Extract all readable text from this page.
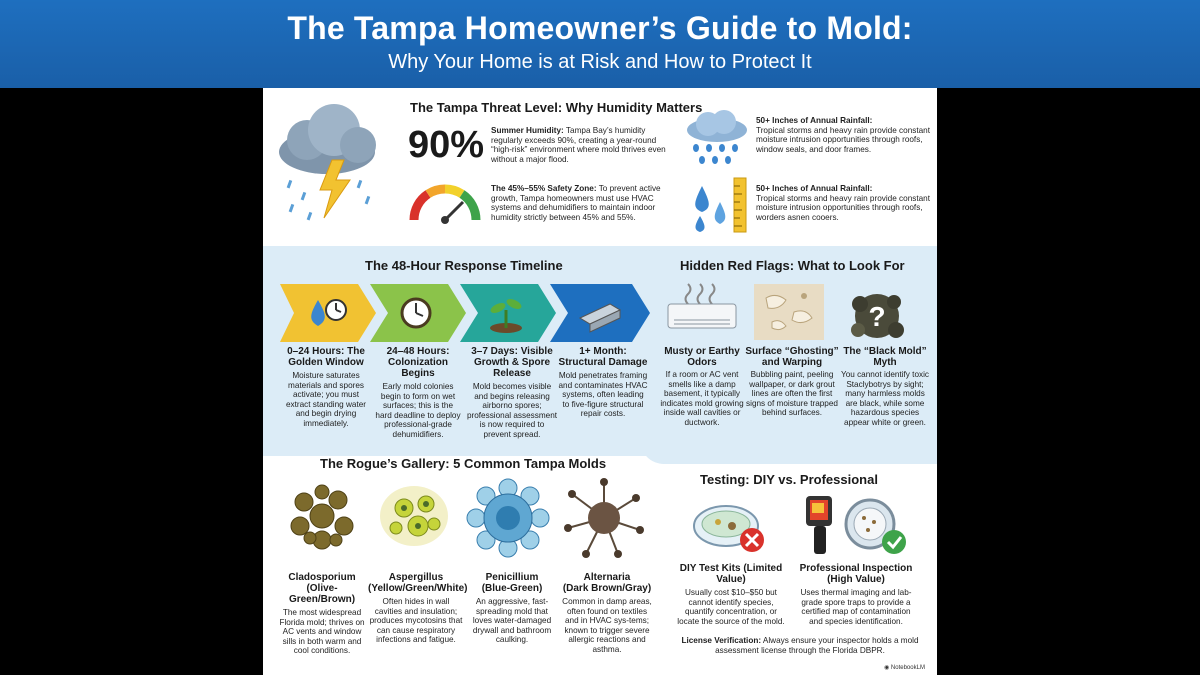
The Tampa Homeowner’s Guide to Mold:
Why Your Home is at Risk and How to Protect It
The Tampa Threat Level: Why Humidity Matters
90% Summer Humidity: Tampa Bay’s humidity regularly exceeds 90%, creating a year-round “high-risk” environment where mold thrives even without a major flood.
The 45%–55% Safety Zone: To prevent active growth, Tampa homeowners must use HVAC systems and dehumidifiers to maintain indoor humidity strictly between 45% and 55%.
50+ Inches of Annual Rainfall:
Tropical storms and heavy rain provide constant moisture intrusion opportunities through roofs, window seals, and door frames.
50+ Inches of Annual Rainfall:
Tropical storms and heavy rain provide constant moisture intrusion opportunities through roofs, worders asnen cooers.
The 48-Hour Response Timeline
0–24 Hours: The Golden Window
Moisture saturates materials and spores activate; you must extract standing water and begin drying immediately.
24–48 Hours: Colonization Begins
Early mold colonies begin to form on wet surfaces; this is the hard deadline to deploy professional-grade dehumidifiers.
3–7 Days: Visible Growth & Spore Release
Mold becomes visible and begins releasing airborno spores; professional assessment is now required to prevent spread.
1+ Month: Structural Damage
Mold penetrates framing and contaminates HVAC systems, often leading to five-figure structural repair costs.
Hidden Red Flags: What to Look For
?
Musty or Earthy Odors
If a room or AC vent smells like a damp basement, it typically indicates mold growing inside wall cavities or ductwork.
Surface “Ghosting” and Warping
Bubbling paint, peeling wallpaper, or dark grout lines are often the first signs of moisture trapped behind surfaces.
The “Black Mold” Myth
You cannot identify toxic Staclybotrys by sight; many harmless molds are black, while some hazardous species appear white or green.
The Rogue’s Gallery: 5 Common Tampa Molds
Cladosporium
(Olive-Green/Brown)
The most widespread Florida mold; thrives on AC vents and window sills in both warm and cool conditions.
Aspergillus
(Yellow/Green/White)
Often hides in wall cavities and insulation; produces mycotosins that can cause respiratory infections and fatigue.
Penicillium
(Blue-Green)
An aggressive, fast-spreading mold that loves water-damaged drywall and bathroom caulking.
Alternaria
(Dark Brown/Gray)
Common in damp areas, often found on textiles and in HVAC sys-tems; known to trigger severe allergic reactions and asthma.
Testing: DIY vs. Professional
DIY Test Kits (Limited Value)
Usually cost $10–$50 but cannot identify species, quantify concentration, or locate the source of the mold.
Professional Inspection (High Value)
Uses thermal imaging and lab-grade spore traps to provide a certified map of contamination and species identification.
License Verification: Always ensure your inspector holds a mold assessment license through the Florida DBPR.
◉ NotebookLM
